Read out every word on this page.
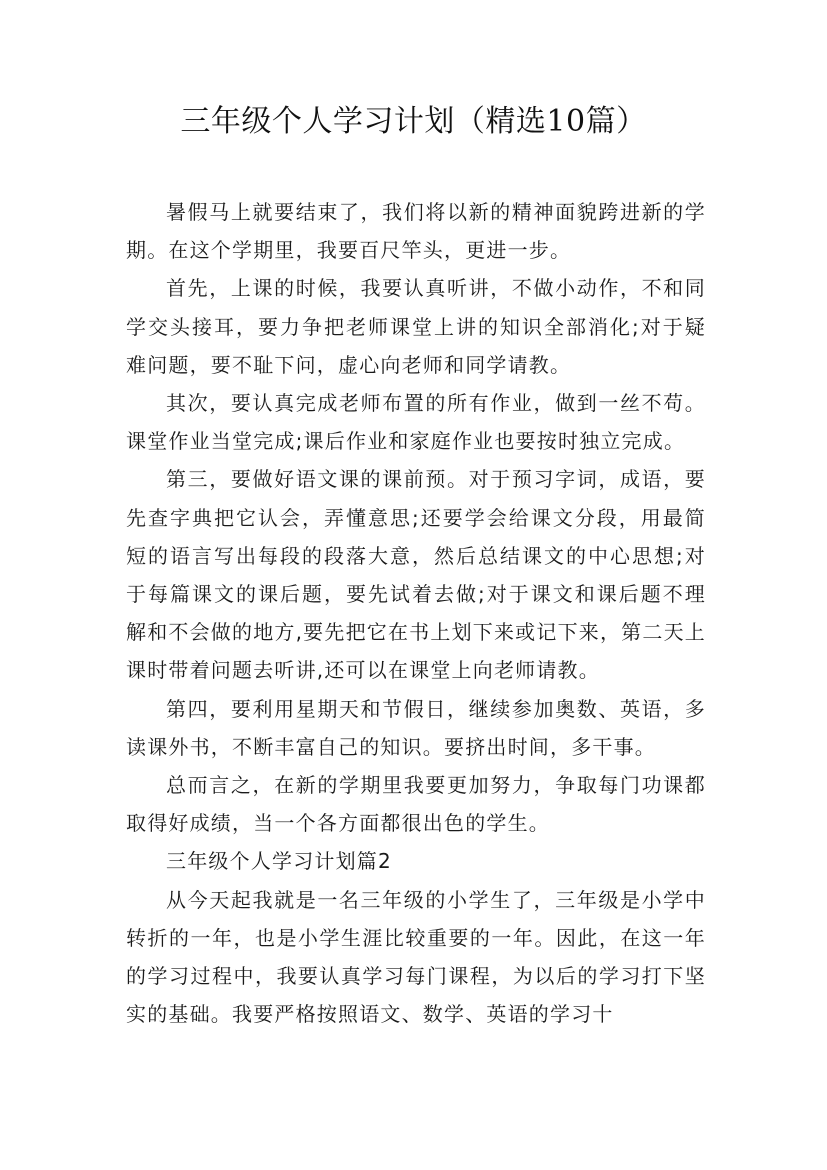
三年级个人学习计划（精选10篇）

暑假马上就要结束了，我们将以新的精神面貌跨进新的学期。在这个学期里，我要百尺竿头，更进一步。

首先，上课的时候，我要认真听讲，不做小动作，不和同学交头接耳，要力争把老师课堂上讲的知识全部消化;对于疑难问题，要不耻下问，虚心向老师和同学请教。

其次，要认真完成老师布置的所有作业，做到一丝不苟。课堂作业当堂完成;课后作业和家庭作业也要按时独立完成。

第三，要做好语文课的课前预。对于预习字词，成语，要先查字典把它认会，弄懂意思;还要学会给课文分段，用最简短的语言写出每段的段落大意，然后总结课文的中心思想;对于每篇课文的课后题，要先试着去做;对于课文和课后题不理解和不会做的地方,要先把它在书上划下来或记下来，第二天上课时带着问题去听讲,还可以在课堂上向老师请教。

第四，要利用星期天和节假日，继续参加奥数、英语，多读课外书，不断丰富自己的知识。要挤出时间，多干事。

总而言之，在新的学期里我要更加努力，争取每门功课都取得好成绩，当一个各方面都很出色的学生。

三年级个人学习计划篇2

从今天起我就是一名三年级的小学生了，三年级是小学中转折的一年，也是小学生涯比较重要的一年。因此，在这一年的学习过程中，我要认真学习每门课程，为以后的学习打下坚实的基础。我要严格按照语文、数学、英语的学习十
